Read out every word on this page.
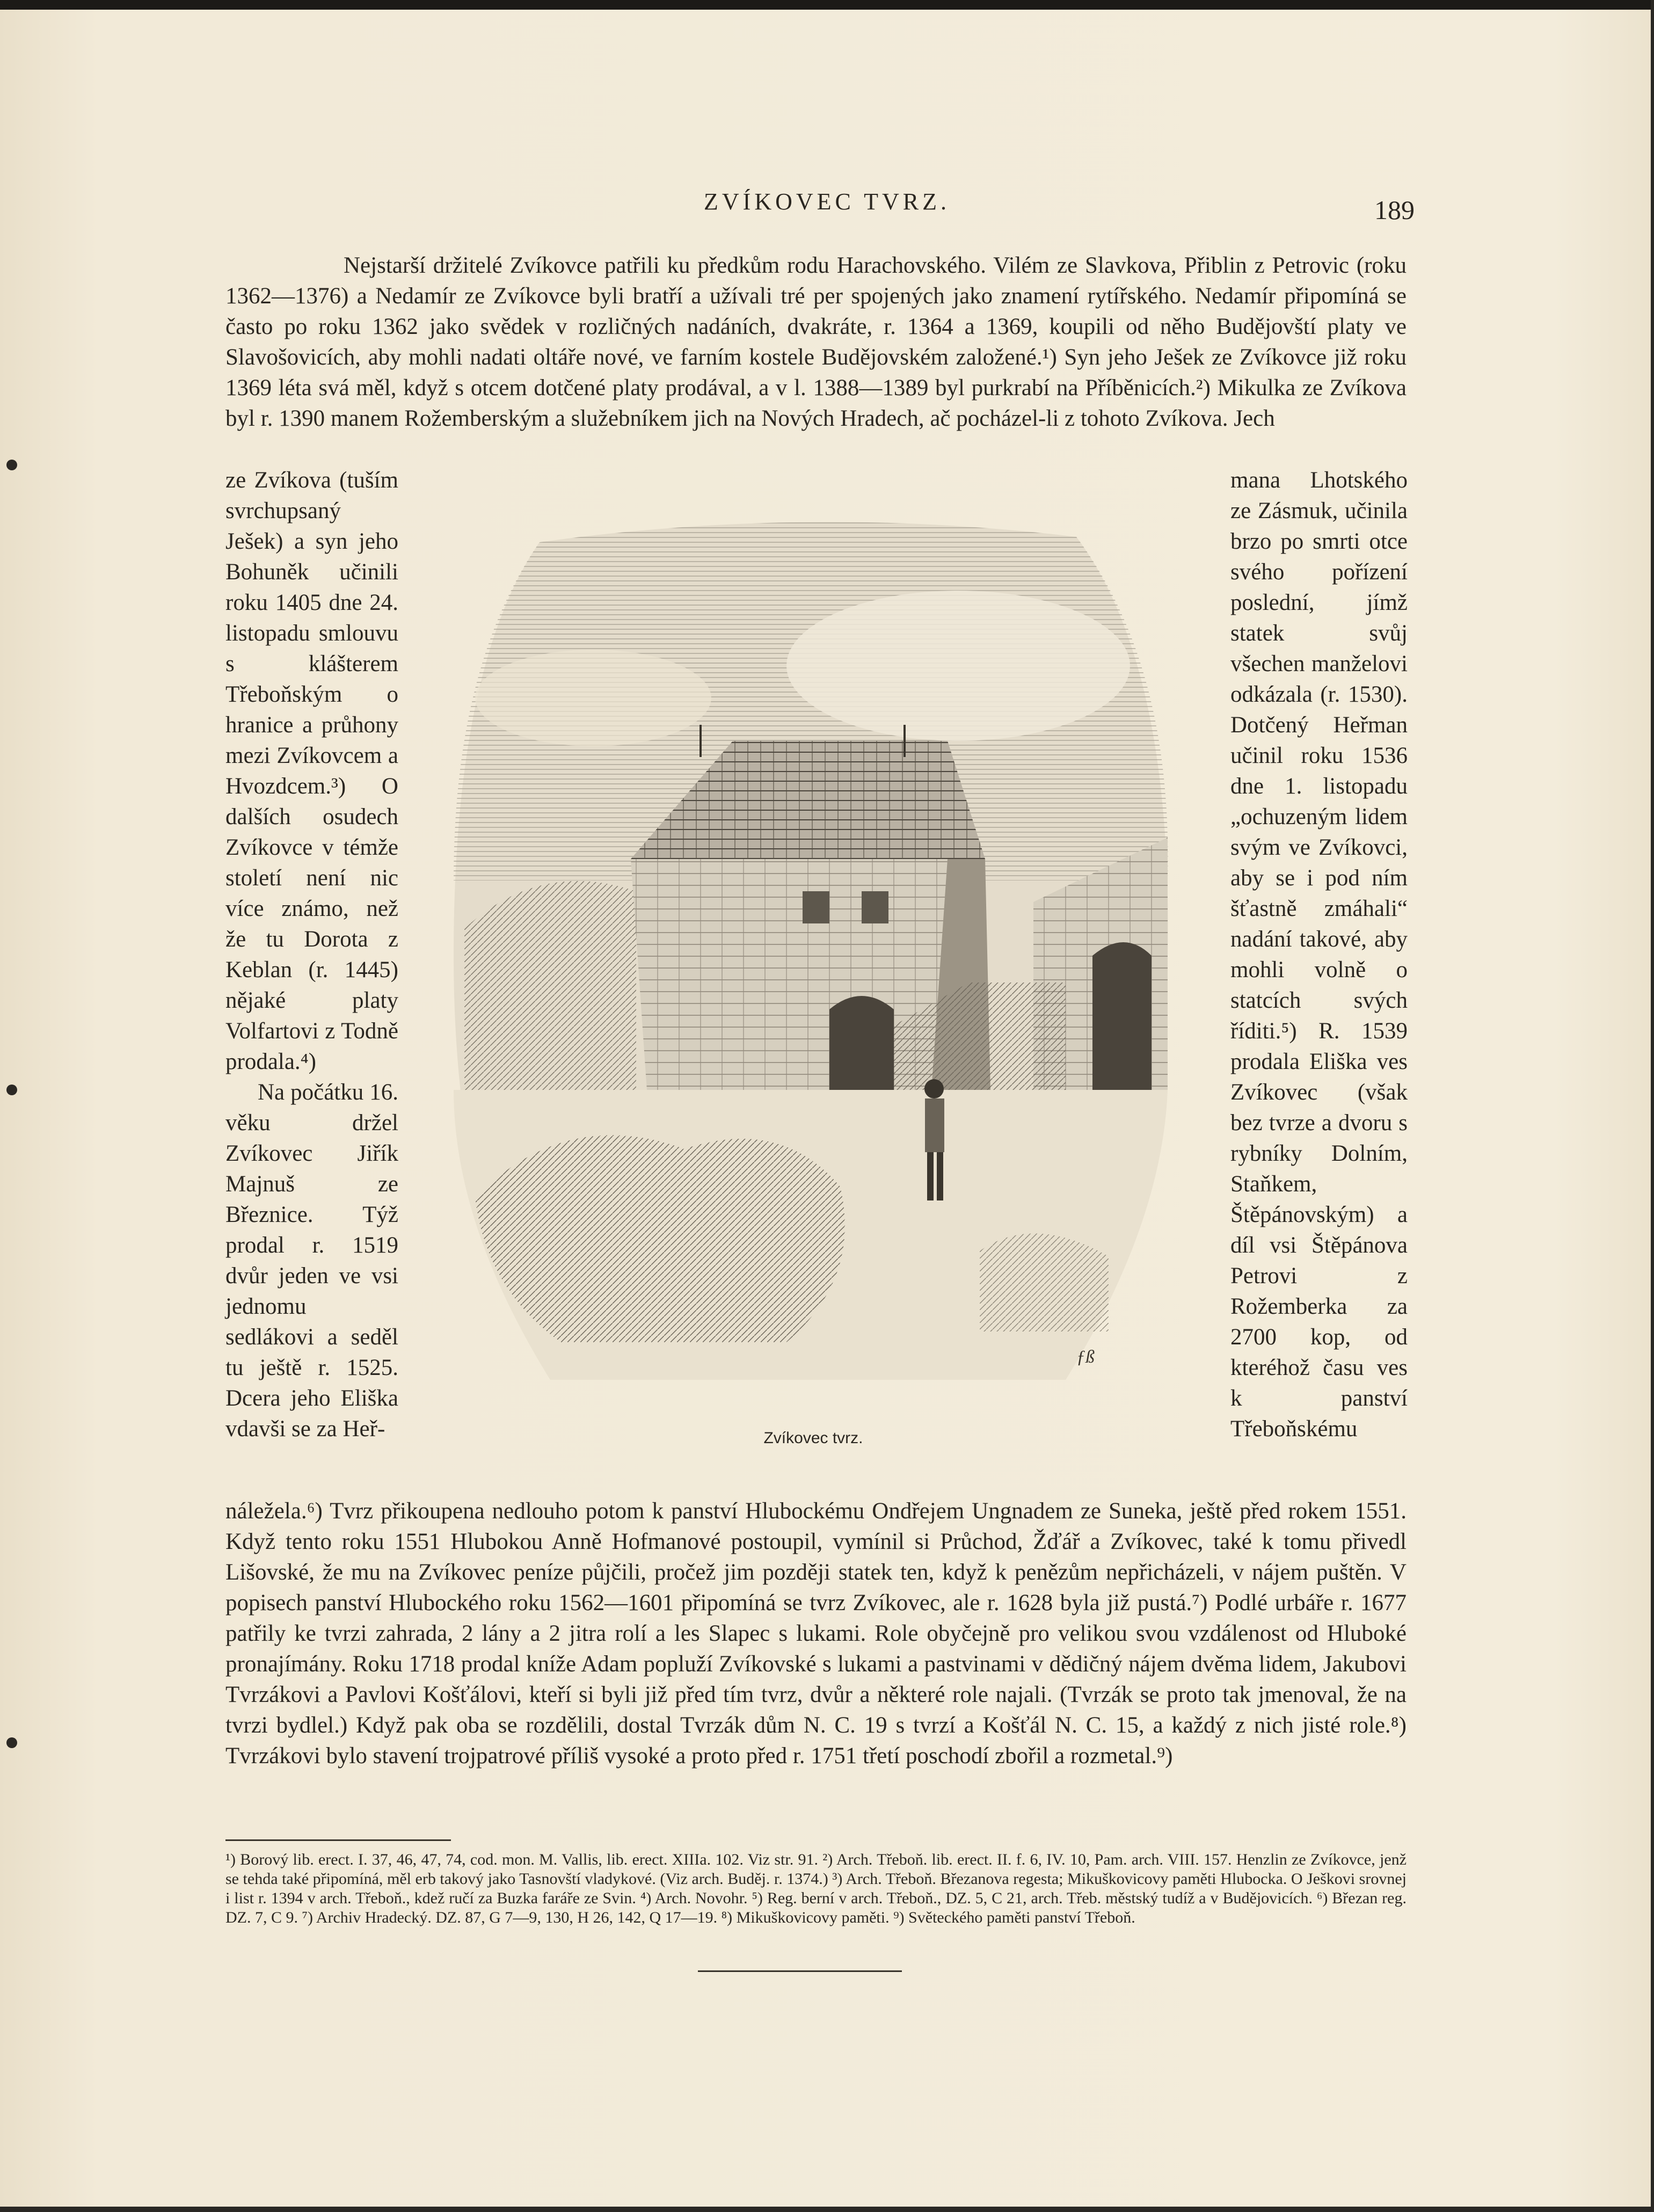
ZVÍKOVEC TVRZ.	189

Nejstarší držitelé Zvíkovce patřili ku předkům rodu Harachovského. Vilém ze Slavkova, Přiblin z Petrovic (roku 1362—1376) a Nedamír ze Zvíkovce byli bratří a užívali tré per spojených jako znamení rytířského. Nedamír připomíná se často po roku 1362 jako svědek v rozličných nadáních, dvakráte, r. 1364 a 1369, koupili od něho Budějovští platy ve Slavošovicích, aby mohli nadati oltáře nové, ve farním kostele Budějovském založené.¹) Syn jeho Ješek ze Zvíkovce již roku 1369 léta svá měl, když s otcem dotčené platy prodával, a v l. 1388—1389 byl purkrabí na Příběnicích.²) Mikulka ze Zvíkova byl r. 1390 manem Rožemberským a služebníkem jich na Nových Hradech, ač pocházel-li z tohoto Zvíkova. Jech

ze Zvíkova (tuším svrchupsaný Ješek) a syn jeho Bohuněk učinili roku 1405 dne 24. listopadu smlouvu s klášterem Třeboňským o hranice a průhony mezi Zvíkovcem a Hvozdcem.³) O dalších osudech Zvíkovce v témže století není nic více známo, než že tu Dorota z Keblan (r. 1445) nějaké platy Volfartovi z Todně prodala.⁴)

Na počátku 16. věku držel Zvíkovec Jiřík Majnuš ze Březnice. Týž prodal r. 1519 dvůr jeden ve vsi jednomu sedlákovi a seděl tu ještě r. 1525. Dcera jeho Eliška vdavši se za Heř-

ƒß
Zvíkovec tvrz.

mana Lhotského ze Zásmuk, učinila brzo po smrti otce svého pořízení poslední, jímž statek svůj všechen manželovi odkázala (r. 1530). Dotčený Heřman učinil roku 1536 dne 1. listopadu „ochuzeným lidem svým ve Zvíkovci, aby se i pod ním šťastně zmáhali“ nadání takové, aby mohli volně o statcích svých říditi.⁵) R. 1539 prodala Eliška ves Zvíkovec (však bez tvrze a dvoru s rybníky Dolním, Staňkem, Štěpánovským) a díl vsi Štěpánova Petrovi z Rožemberka za 2700 kop, od kteréhož času ves k panství Třeboňskému

náležela.⁶) Tvrz přikoupena nedlouho potom k panství Hlubockému Ondřejem Ungnadem ze Suneka, ještě před rokem 1551. Když tento roku 1551 Hlubokou Anně Hofmanové postoupil, vymínil si Průchod, Žďář a Zvíkovec, také k tomu přivedl Lišovské, že mu na Zvíkovec peníze půjčili, pročež jim později statek ten, když k penězům nepřicházeli, v nájem puštěn. V popisech panství Hlubockého roku 1562—1601 připomíná se tvrz Zvíkovec, ale r. 1628 byla již pustá.⁷) Podlé urbáře r. 1677 patřily ke tvrzi zahrada, 2 lány a 2 jitra rolí a les Slapec s lukami. Role obyčejně pro velikou svou vzdálenost od Hluboké pronajímány. Roku 1718 prodal kníže Adam popluží Zvíkovské s lukami a pastvinami v dědičný nájem dvěma lidem, Jakubovi Tvrzákovi a Pavlovi Košťálovi, kteří si byli již před tím tvrz, dvůr a některé role najali. (Tvrzák se proto tak jmenoval, že na tvrzi bydlel.) Když pak oba se rozdělili, dostal Tvrzák dům N. C. 19 s tvrzí a Košťál N. C. 15, a každý z nich jisté role.⁸) Tvrzákovi bylo stavení trojpatrové příliš vysoké a proto před r. 1751 třetí poschodí zbořil a rozmetal.⁹)

¹) Borový lib. erect. I. 37, 46, 47, 74, cod. mon. M. Vallis, lib. erect. XIIIa. 102. Viz str. 91. ²) Arch. Třeboň. lib. erect. II. f. 6, IV. 10, Pam. arch. VIII. 157. Henzlin ze Zvíkovce, jenž se tehda také připomíná, měl erb takový jako Tasnovští vladykové. (Viz arch. Buděj. r. 1374.) ³) Arch. Třeboň. Březanova regesta; Mikuškovicovy paměti Hlubocka. O Ješkovi srovnej i list r. 1394 v arch. Třeboň., kdež ručí za Buzka faráře ze Svin. ⁴) Arch. Novohr. ⁵) Reg. berní v arch. Třeboň., DZ. 5, C 21, arch. Třeb. městský tudíž a v Budějovicích. ⁶) Březan reg. DZ. 7, C 9. ⁷) Archiv Hradecký. DZ. 87, G 7—9, 130, H 26, 142, Q 17—19. ⁸) Mikuškovicovy paměti. ⁹) Světeckého paměti panství Třeboň.
